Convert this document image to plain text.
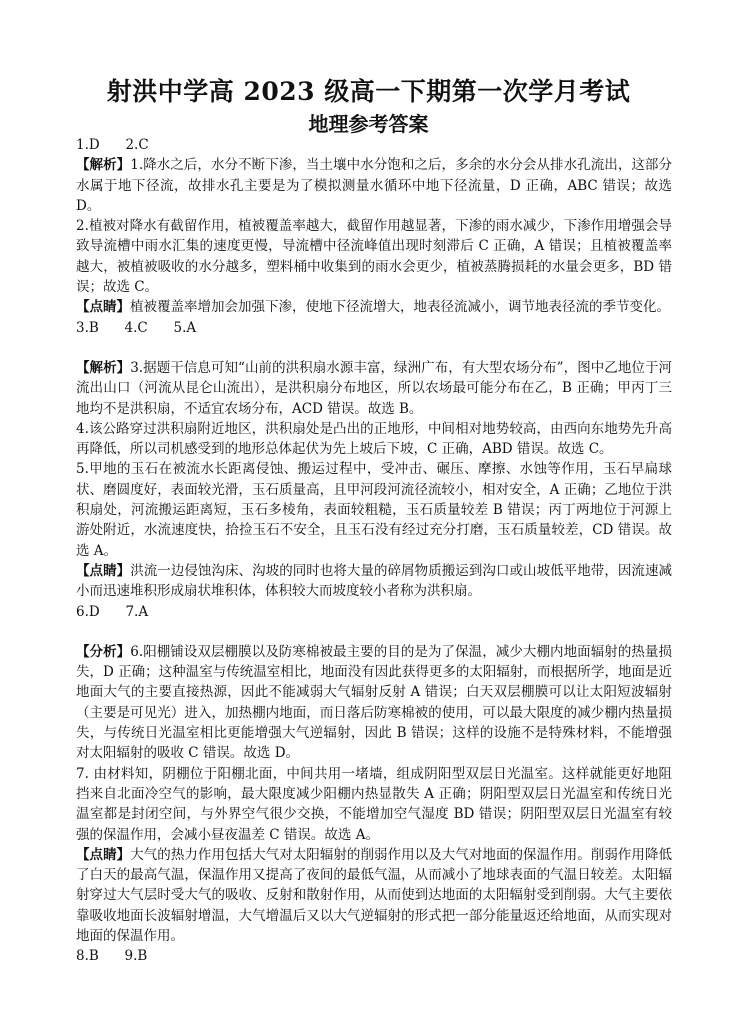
射洪中学高 2023 级高一下期第一次学月考试
地理参考答案

1.D      2.C

【解析】1.降水之后，水分不断下渗，当土壤中水分饱和之后，多余的水分会从排水孔流出，这部分水属于地下径流，故排水孔主要是为了模拟测量水循环中地下径流量，D 正确，ABC 错误；故选 D。

2.植被对降水有截留作用，植被覆盖率越大，截留作用越显著，下渗的雨水减少，下渗作用增强会导致导流槽中雨水汇集的速度更慢，导流槽中径流峰值出现时刻滞后 C 正确，A 错误；且植被覆盖率越大，被植被吸收的水分越多，塑料桶中收集到的雨水会更少，植被蒸腾损耗的水量会更多，BD 错误；故选 C。

【点睛】植被覆盖率增加会加强下渗，使地下径流增大，地表径流减小，调节地表径流的季节变化。

3.B      4.C      5.A

【解析】3.据题干信息可知“山前的洪积扇水源丰富，绿洲广布，有大型农场分布”，图中乙地位于河流出山口（河流从昆仑山流出），是洪积扇分布地区，所以农场最可能分布在乙，B 正确；甲丙丁三地均不是洪积扇，不适宜农场分布，ACD 错误。故选 B。

4.该公路穿过洪积扇附近地区，洪积扇处是凸出的正地形，中间相对地势较高，由西向东地势先升高再降低，所以司机感受到的地形总体起伏为先上坡后下坡，C 正确，ABD 错误。故选 C。

5.甲地的玉石在被流水长距离侵蚀、搬运过程中，受冲击、碾压、摩擦、水蚀等作用，玉石早扁球状、磨圆度好，表面较光滑，玉石质量高，且甲河段河流径流较小，相对安全，A 正确；乙地位于洪积扇处，河流搬运距离短，玉石多棱角，表面较粗糙，玉石质量较差 B 错误；丙丁两地位于河源上游处附近，水流速度快，拾捡玉石不安全，且玉石没有经过充分打磨，玉石质量较差，CD 错误。故选 A。

【点睛】洪流一边侵蚀沟床、沟坡的同时也将大量的碎屑物质搬运到沟口或山坡低平地带，因流速减小而迅速堆积形成扇状堆积体，体积较大而坡度较小者称为洪积扇。

6.D      7.A

【分析】6.阳棚铺设双层棚膜以及防寒棉被最主要的目的是为了保温，减少大棚内地面辐射的热量损失，D 正确；这种温室与传统温室相比，地面没有因此获得更多的太阳辐射，而根据所学，地面是近地面大气的主要直接热源，因此不能减弱大气辐射反射 A 错误；白天双层棚膜可以让太阳短波辐射（主要是可见光）进入，加热棚内地面，而日落后防寒棉被的使用，可以最大限度的减少棚内热量损失，与传统日光温室相比更能增强大气逆辐射，因此 B 错误；这样的设施不是特殊材料，不能增强对太阳辐射的吸收 C 错误。故选 D。

7. 由材料知，阴棚位于阳棚北面，中间共用一堵墙，组成阴阳型双层日光温室。这样就能更好地阻挡来自北面冷空气的影响，最大限度减少阳棚内热显散失 A 正确；阴阳型双层日光温室和传统日光温室都是封闭空间，与外界空气很少交换，不能增加空气湿度 BD 错误；阴阳型双层日光温室有较强的保温作用，会减小昼夜温差 C 错误。故选 A。

【点睛】大气的热力作用包括大气对太阳辐射的削弱作用以及大气对地面的保温作用。削弱作用降低了白天的最高气温，保温作用又提高了夜间的最低气温，从而减小了地球表面的气温日较差。太阳辐射穿过大气层时受大气的吸收、反射和散射作用，从而使到达地面的太阳辐射受到削弱。大气主要依靠吸收地面长波辐射增温，大气增温后又以大气逆辐射的形式把一部分能量返还给地面，从而实现对地面的保温作用。

8.B      9.B
